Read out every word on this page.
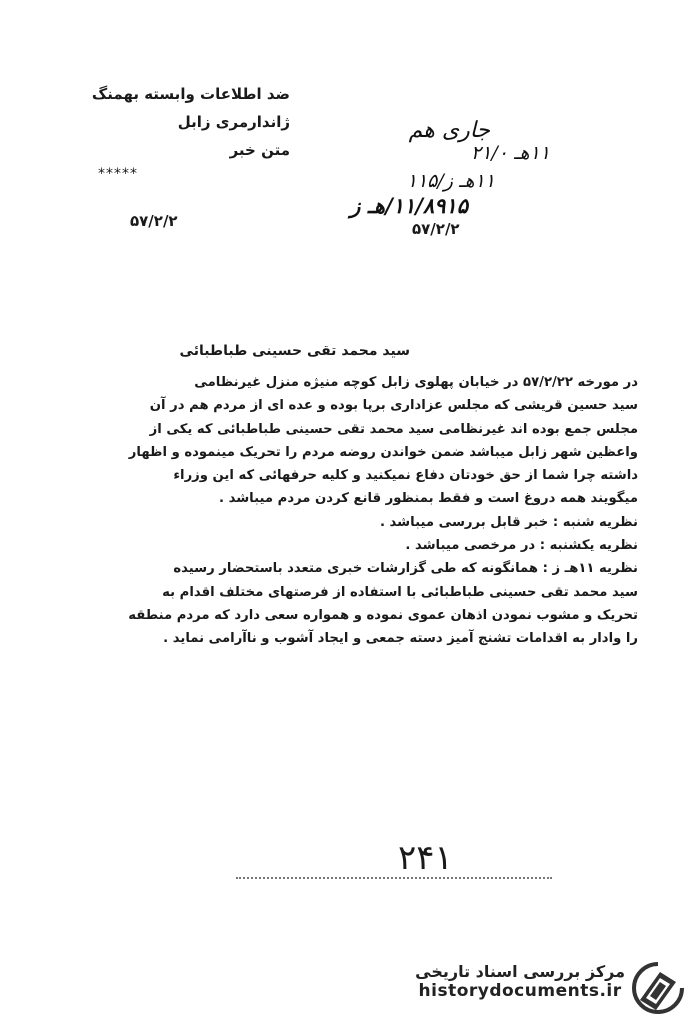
ضد اطلاعات وابسته بهمنگ
ژاندارمری زابل
متن خبر
*****
۵۷/۲/۲
جاری هم
۱۱هـ ۲۱/۰
۱۱هـ ز/۱۱۵
۱۱/۸۹۱۵/هـ ز
۵۷/۲/۲
سید محمد تقی حسینی طباطبائی

در مورخه ۵۷/۲/۲۲ در خیابان پهلوی زابل کوچه منیژه منزل غیرنظامی

سید حسین قریشی که مجلس عزاداری برپا بوده و عده ای از مردم هم در آن

مجلس جمع بوده اند غیرنظامی سید محمد تقی حسینی طباطبائی که یکی از

واعظین شهر زابل میباشد ضمن خواندن روضه مردم را تحریک مینموده و اظهار

داشته چرا شما از حق خودتان دفاع نمیکنید و کلیه حرفهائی که این وزراء

میگویند همه دروغ است و فقط بمنظور قانع کردن مردم میباشد .

نظریه شنبه : خبر قابل بررسی میباشد .

نظریه یکشنبه : در مرخصی میباشد .

نظریه ۱۱هـ ز : همانگونه که طی گزارشات خبری متعدد باستحضار رسیده

سید محمد تقی حسینی طباطبائی با استفاده از فرصتهای مختلف اقدام به

تحریک و مشوب نمودن اذهان عموی نموده و همواره سعی دارد که مردم منطقه

را وادار به اقدامات تشنج آمیز دسته جمعی و ایجاد آشوب و ناآرامی نماید .

۲۴۱
مرکز بررسی اسناد تاریخی
historydocuments.ir
